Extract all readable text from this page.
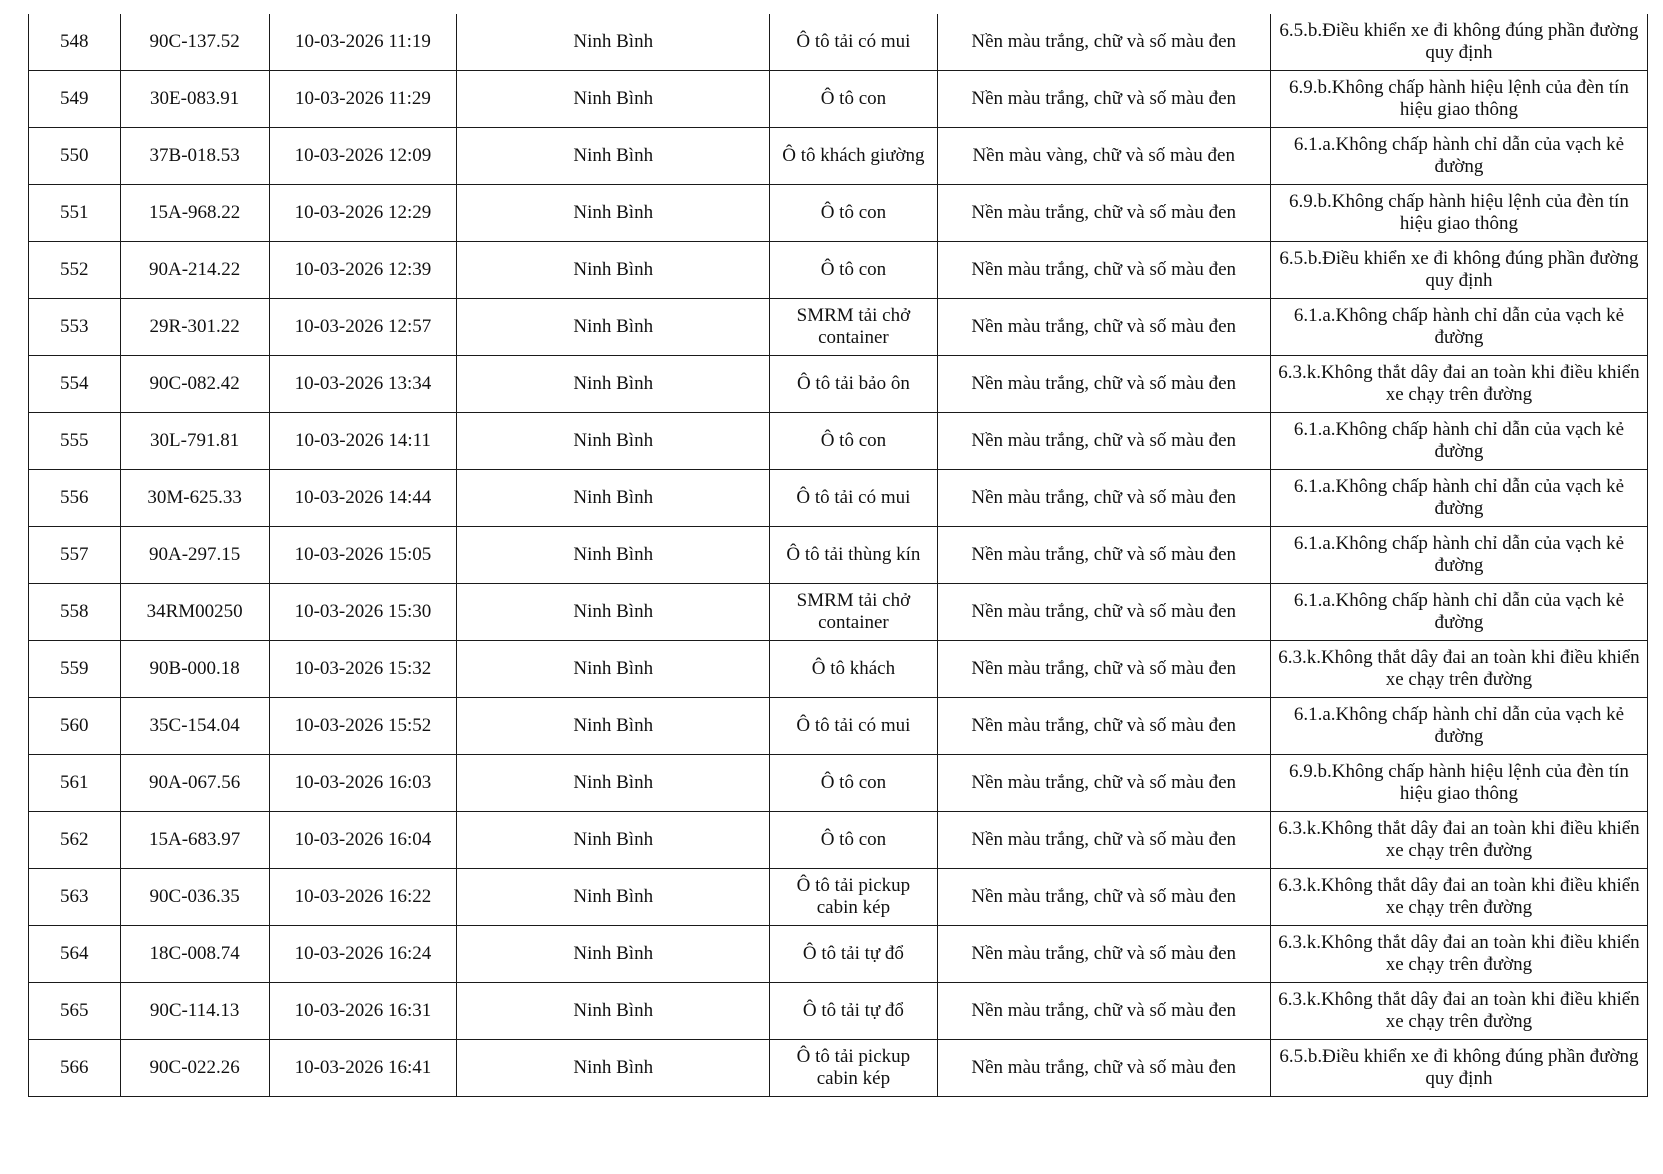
548	90C-137.52	10-03-2026 11:19	Ninh Bình	Ô tô tải có mui	Nền màu trắng, chữ và số màu đen	6.5.b.Điều khiển xe đi không đúng phần đường quy định
549	30E-083.91	10-03-2026 11:29	Ninh Bình	Ô tô con	Nền màu trắng, chữ và số màu đen	6.9.b.Không chấp hành hiệu lệnh của đèn tín hiệu giao thông
550	37B-018.53	10-03-2026 12:09	Ninh Bình	Ô tô khách giường	Nền màu vàng, chữ và số màu đen	6.1.a.Không chấp hành chỉ dẫn của vạch kẻ đường
551	15A-968.22	10-03-2026 12:29	Ninh Bình	Ô tô con	Nền màu trắng, chữ và số màu đen	6.9.b.Không chấp hành hiệu lệnh của đèn tín hiệu giao thông
552	90A-214.22	10-03-2026 12:39	Ninh Bình	Ô tô con	Nền màu trắng, chữ và số màu đen	6.5.b.Điều khiển xe đi không đúng phần đường quy định
553	29R-301.22	10-03-2026 12:57	Ninh Bình	SMRM tải chở container	Nền màu trắng, chữ và số màu đen	6.1.a.Không chấp hành chỉ dẫn của vạch kẻ đường
554	90C-082.42	10-03-2026 13:34	Ninh Bình	Ô tô tải bảo ôn	Nền màu trắng, chữ và số màu đen	6.3.k.Không thắt dây đai an toàn khi điều khiển xe chạy trên đường
555	30L-791.81	10-03-2026 14:11	Ninh Bình	Ô tô con	Nền màu trắng, chữ và số màu đen	6.1.a.Không chấp hành chỉ dẫn của vạch kẻ đường
556	30M-625.33	10-03-2026 14:44	Ninh Bình	Ô tô tải có mui	Nền màu trắng, chữ và số màu đen	6.1.a.Không chấp hành chỉ dẫn của vạch kẻ đường
557	90A-297.15	10-03-2026 15:05	Ninh Bình	Ô tô tải thùng kín	Nền màu trắng, chữ và số màu đen	6.1.a.Không chấp hành chỉ dẫn của vạch kẻ đường
558	34RM00250	10-03-2026 15:30	Ninh Bình	SMRM tải chở container	Nền màu trắng, chữ và số màu đen	6.1.a.Không chấp hành chỉ dẫn của vạch kẻ đường
559	90B-000.18	10-03-2026 15:32	Ninh Bình	Ô tô khách	Nền màu trắng, chữ và số màu đen	6.3.k.Không thắt dây đai an toàn khi điều khiển xe chạy trên đường
560	35C-154.04	10-03-2026 15:52	Ninh Bình	Ô tô tải có mui	Nền màu trắng, chữ và số màu đen	6.1.a.Không chấp hành chỉ dẫn của vạch kẻ đường
561	90A-067.56	10-03-2026 16:03	Ninh Bình	Ô tô con	Nền màu trắng, chữ và số màu đen	6.9.b.Không chấp hành hiệu lệnh của đèn tín hiệu giao thông
562	15A-683.97	10-03-2026 16:04	Ninh Bình	Ô tô con	Nền màu trắng, chữ và số màu đen	6.3.k.Không thắt dây đai an toàn khi điều khiển xe chạy trên đường
563	90C-036.35	10-03-2026 16:22	Ninh Bình	Ô tô tải pickup cabin kép	Nền màu trắng, chữ và số màu đen	6.3.k.Không thắt dây đai an toàn khi điều khiển xe chạy trên đường
564	18C-008.74	10-03-2026 16:24	Ninh Bình	Ô tô tải tự đổ	Nền màu trắng, chữ và số màu đen	6.3.k.Không thắt dây đai an toàn khi điều khiển xe chạy trên đường
565	90C-114.13	10-03-2026 16:31	Ninh Bình	Ô tô tải tự đổ	Nền màu trắng, chữ và số màu đen	6.3.k.Không thắt dây đai an toàn khi điều khiển xe chạy trên đường
566	90C-022.26	10-03-2026 16:41	Ninh Bình	Ô tô tải pickup cabin kép	Nền màu trắng, chữ và số màu đen	6.5.b.Điều khiển xe đi không đúng phần đường quy định
